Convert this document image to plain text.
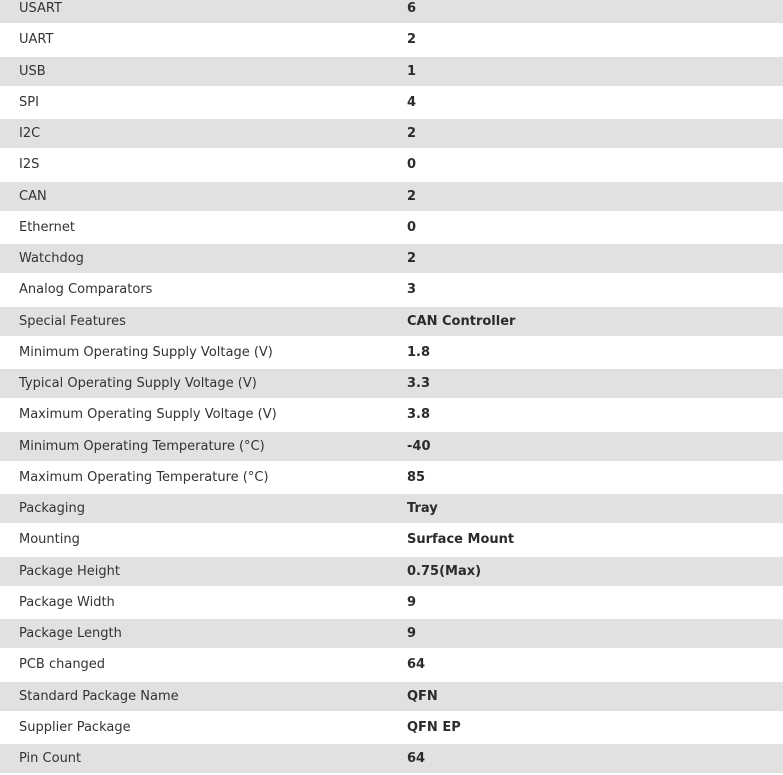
USART	6
UART	2
USB	1
SPI	4
I2C	2
I2S	0
CAN	2
Ethernet	0
Watchdog	2
Analog Comparators	3
Special Features	CAN Controller
Minimum Operating Supply Voltage (V)	1.8
Typical Operating Supply Voltage (V)	3.3
Maximum Operating Supply Voltage (V)	3.8
Minimum Operating Temperature (°C)	-40
Maximum Operating Temperature (°C)	85
Packaging	Tray
Mounting	Surface Mount
Package Height	0.75(Max)
Package Width	9
Package Length	9
PCB changed	64
Standard Package Name	QFN
Supplier Package	QFN EP
Pin Count	64
